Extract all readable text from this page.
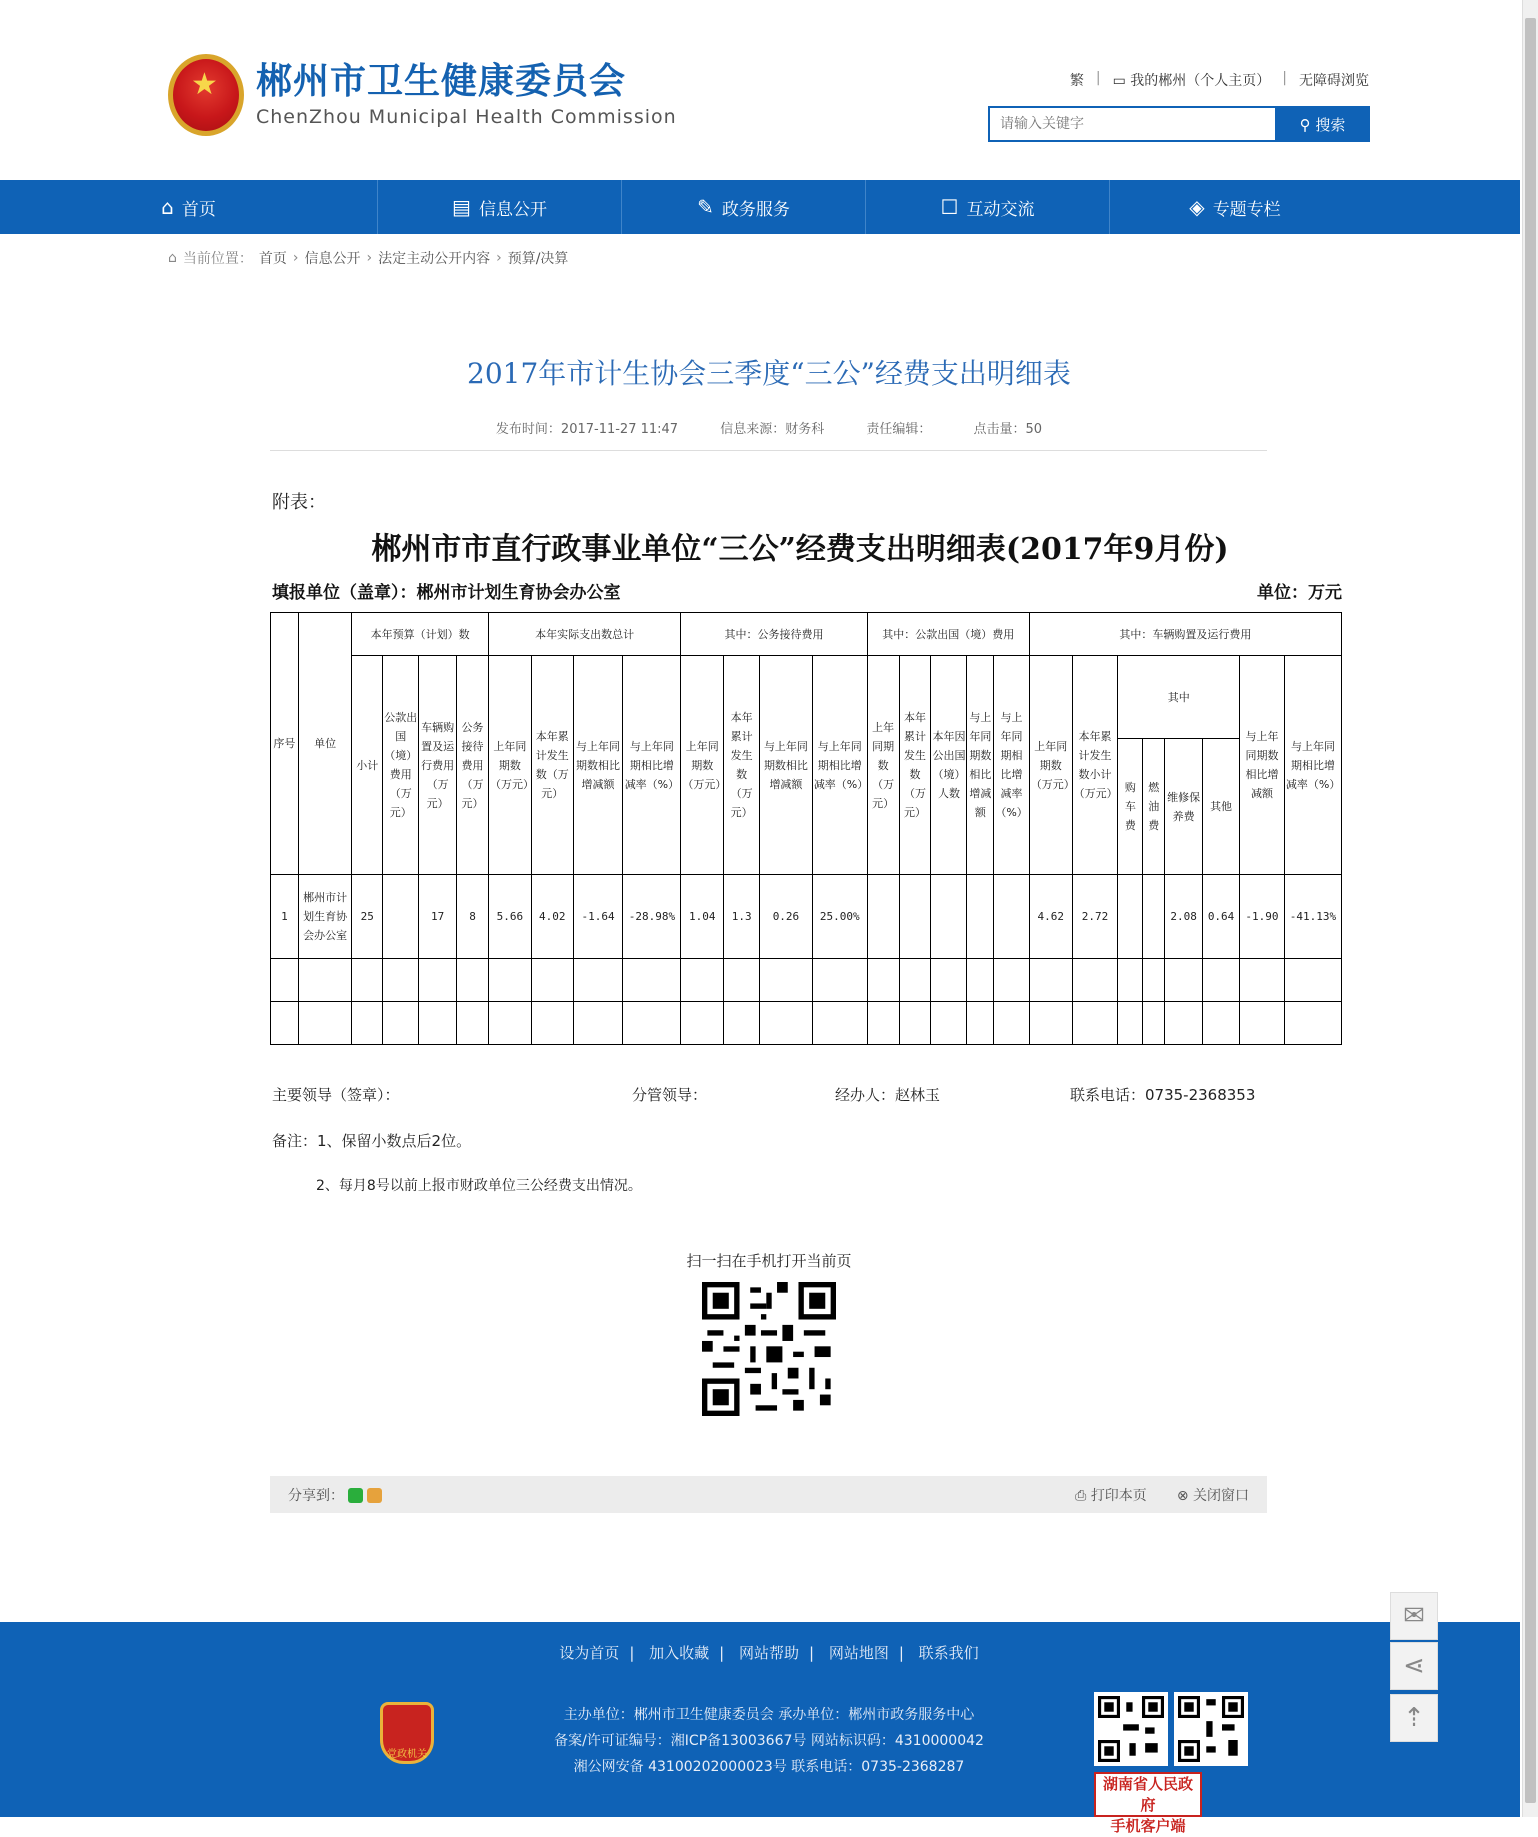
★
郴州市卫生健康委员会
ChenZhou Municipal Health Commission
繁 | ▭ 我的郴州（个人主页） | 无障碍浏览
请输入关键字
⚲ 搜索
⌂ 首页	▤ 信息公开	✎ 政务服务	☐ 互动交流	◈ 专题专栏
⌂ 当前位置： 首页 › 信息公开 › 法定主动公开内容 › 预算/决算
2017年市计生协会三季度“三公”经费支出明细表
发布时间：2017-11-27 11:47	信息来源：财务科	责任编辑：	点击量：50
附表：
郴州市市直行政事业单位“三公”经费支出明细表(2017年9月份)
填报单位（盖章）：郴州市计划生育协会办公室	单位：万元
序号	单位	本年预算（计划）数				本年实际支出数总计				其中：公务接待费用				其中：公款出国（境）费用					其中：车辆购置及运行费用							
		小计	公款出国（境）费用（万元）	车辆购置及运行费用（万元）	公务接待费用（万元）	上年同期数（万元）	本年累计发生数（万元）	与上年同期数相比增减额	与上年同期相比增减率（%）	上年同期数（万元）	本年累计发生数（万元）	与上年同期数相比增减额	与上年同期相比增减率（%）	上年同期数（万元）	本年累计发生数（万元）	本年因公出国（境）人数	与上年同期数相比增减额	与上年同期相比增减率（%）	上年同期数（万元）	本年累计发生数小计（万元）	其中				与上年同期数相比增减额	与上年同期相比增减率（%）
																					购车费	燃油费	维修保养费	其他		
1	郴州市计划生育协会办公室	25		17	8	5.66	4.02	-1.64	-28.98%	1.04	1.3	0.26	25.00%						4.62	2.72			2.08	0.64	-1.90	-41.13%

主要领导（签章）：	分管领导：	经办人：赵林玉	联系电话：0735-2368353
备注：1、保留小数点后2位。
2、每月8号以前上报市财政单位三公经费支出情况。
扫一扫在手机打开当前页
分享到：	⎙ 打印本页 ⊗ 关闭窗口
设为首页 | 加入收藏 | 网站帮助 | 网站地图 | 联系我们
党政机关
主办单位：郴州市卫生健康委员会 承办单位：郴州市政务服务中心
备案/许可证编号：湘ICP备13003667号 网站标识码：4310000042
湘公网安备 43100202000023号 联系电话：0735-2368287
湖南省人民政府
手机客户端
✉
⋖
⇡
